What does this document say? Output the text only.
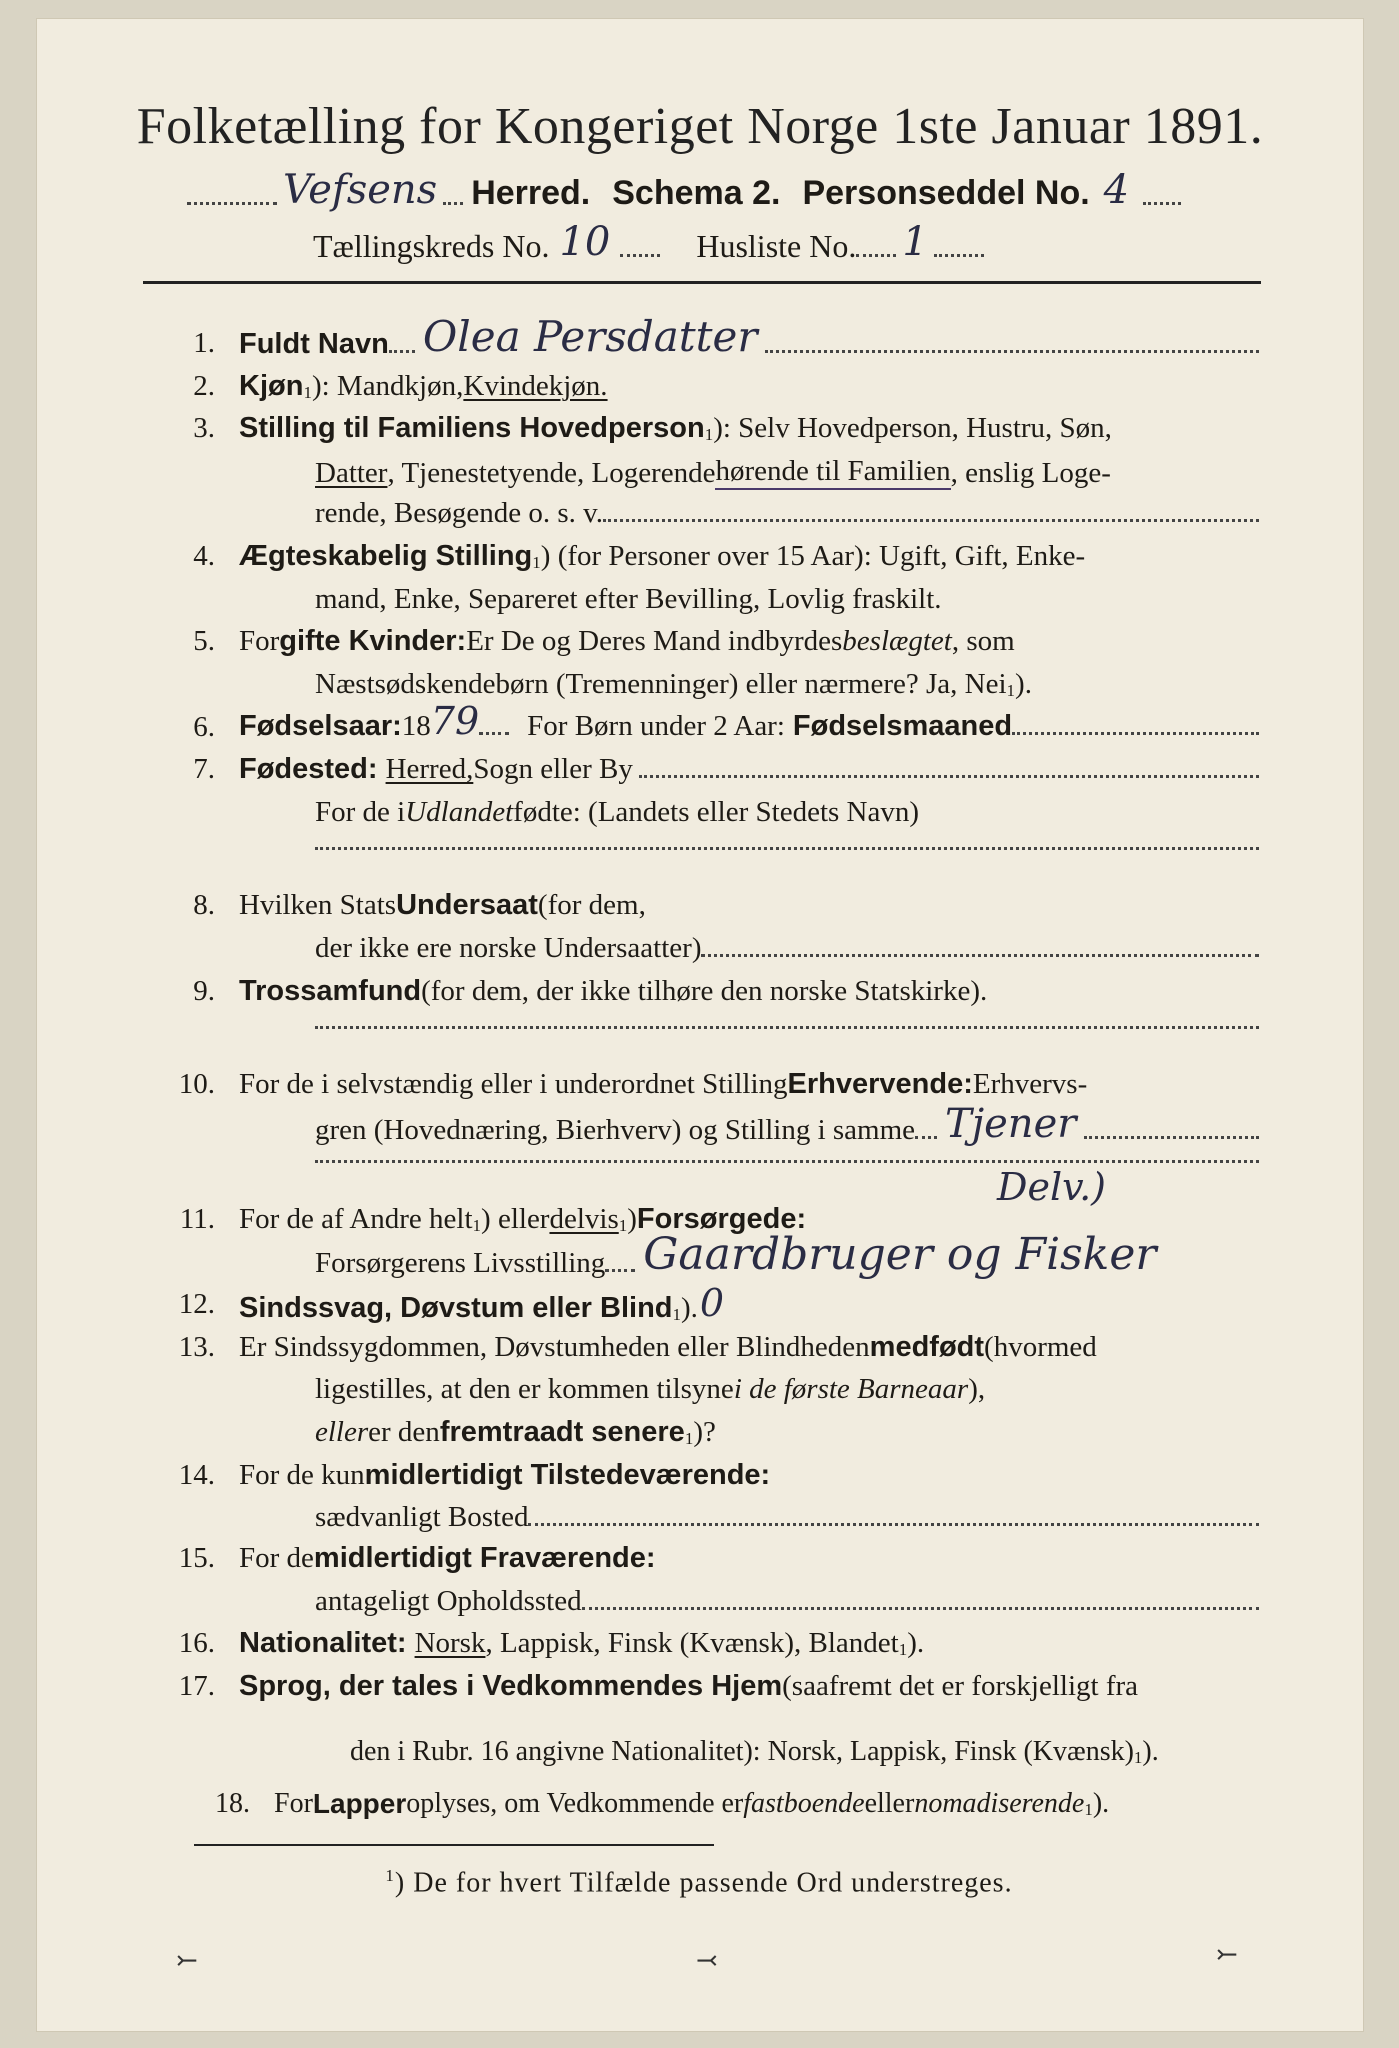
Folketælling for Kongeriget Norge 1ste Januar 1891.
Vefsens Herred. Schema 2. Personseddel No. 4
Tællingskreds No. 10	Husliste No. 1
1. Fuldt Navn Olea Persdatter
2. Kjøn 1 ): Mandkjøn, Kvindekjøn.
3. Stilling til Familiens Hovedperson 1 ): Selv Hovedperson, Hustru, Søn,
Datter , Tjenestetyende, Logerende hørende til Familien , enslig Loge-
rende, Besøgende o. s. v.
4. Ægteskabelig Stilling 1 ) (for Personer over 15 Aar): Ugift, Gift, Enke-
mand, Enke, Separeret efter Bevilling, Lovlig fraskilt.
5. For gifte Kvinder: Er De og Deres Mand indbyrdes beslægtet , som
Næstsødskendebørn (Tremenninger) eller nærmere? Ja, Nei 1 ).
6. Fødselsaar: 18 79 For Børn under 2 Aar: Fødselsmaaned
7. Fødested: Herred, Sogn eller By
For de i Udlandet fødte: (Landets eller Stedets Navn)
8. Hvilken Stats Undersaat (for dem,
der ikke ere norske Undersaatter)
9. Trossamfund (for dem, der ikke tilhøre den norske Statskirke).
10. For de i selvstændig eller i underordnet Stilling Erhvervende: Erhvervs-
gren (Hovednæring, Bierhverv) og Stilling i samme Tjener
Delv.)
11. For de af Andre helt 1 ) eller delvis 1 ) Forsørgede:
Forsørgerens Livsstilling Gaardbruger og Fisker
12. Sindssvag, Døvstum eller Blind 1 ). 0
13. Er Sindssygdommen, Døvstumheden eller Blindheden medfødt (hvormed
ligestilles, at den er kommen tilsyne i de første Barneaar ),
eller er den fremtraadt senere 1 )?
14. For de kun midlertidigt Tilstedeværende:
sædvanligt Bosted
15. For de midlertidigt Fraværende:
antageligt Opholdssted
16. Nationalitet: Norsk , Lappisk, Finsk (Kvænsk), Blandet 1 ).
17. Sprog, der tales i Vedkommendes Hjem (saafremt det er forskjelligt fra
den i Rubr. 16 angivne Nationalitet): Norsk, Lappisk, Finsk (Kvænsk) 1 ).
18. For Lapper oplyses, om Vedkommende er fastboende eller nomadiserende 1 ).
$^1$) De for hvert Tilfælde passende Ord understreges.
⤚	⤙	⤚
